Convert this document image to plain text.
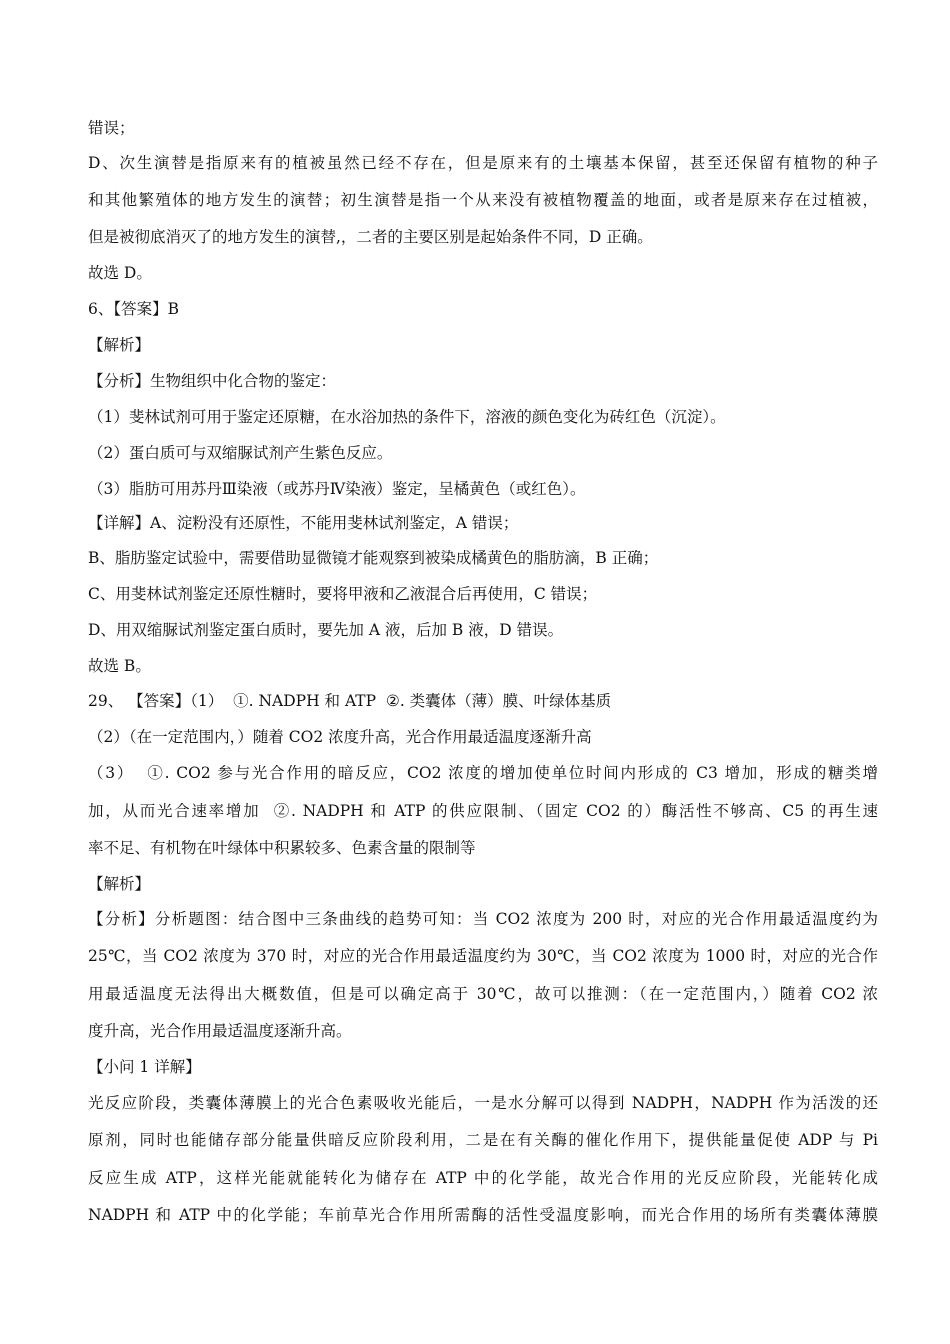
错误；
D、次生演替是指原来有的植被虽然已经不存在，但是原来有的土壤基本保留，甚至还保留有植物的种子
和其他繁殖体的地方发生的演替；初生演替是指一个从来没有被植物覆盖的地面，或者是原来存在过植被，
但是被彻底消灭了的地方发生的演替,，二者的主要区别是起始条件不同，D 正确。
故选 D。
6、【答案】B
【解析】
【分析】生物组织中化合物的鉴定：
（1）斐林试剂可用于鉴定还原糖，在水浴加热的条件下，溶液的颜色变化为砖红色（沉淀）。
（2）蛋白质可与双缩脲试剂产生紫色反应。
（3）脂肪可用苏丹Ⅲ染液（或苏丹Ⅳ染液）鉴定，呈橘黄色（或红色）。
【详解】A、淀粉没有还原性，不能用斐林试剂鉴定，A 错误；
B、脂肪鉴定试验中，需要借助显微镜才能观察到被染成橘黄色的脂肪滴，B 正确；
C、用斐林试剂鉴定还原性糖时，要将甲液和乙液混合后再使用，C 错误；
D、用双缩脲试剂鉴定蛋白质时，要先加 A 液，后加 B 液，D 错误。
故选 B。
29、 【答案】（1）  ①. NADPH 和 ATP  ②. 类囊体（薄）膜、叶绿体基质
（2）（在一定范围内，）随着 CO2 浓度升高，光合作用最适温度逐渐升高
（3）  ①. CO2 参与光合作用的暗反应，CO2 浓度的增加使单位时间内形成的 C3 增加，形成的糖类增
加，从而光合速率增加  ②. NADPH 和 ATP 的供应限制、（固定 CO2 的）酶活性不够高、C5 的再生速
率不足、有机物在叶绿体中积累较多、色素含量的限制等
【解析】
【分析】分析题图：结合图中三条曲线的趋势可知：当 CO2 浓度为 200 时，对应的光合作用最适温度约为
25℃，当 CO2 浓度为 370 时，对应的光合作用最适温度约为 30℃，当 CO2 浓度为 1000 时，对应的光合作
用最适温度无法得出大概数值，但是可以确定高于 30℃，故可以推测：（在一定范围内，）随着 CO2 浓
度升高，光合作用最适温度逐渐升高。
【小问 1 详解】
光反应阶段，类囊体薄膜上的光合色素吸收光能后，一是水分解可以得到 NADPH，NADPH 作为活泼的还
原剂，同时也能储存部分能量供暗反应阶段利用，二是在有关酶的催化作用下，提供能量促使 ADP 与 Pi
反应生成 ATP，这样光能就能转化为储存在 ATP 中的化学能，故光合作用的光反应阶段，光能转化成
NADPH 和 ATP 中的化学能；车前草光合作用所需酶的活性受温度影响，而光合作用的场所有类囊体薄膜
